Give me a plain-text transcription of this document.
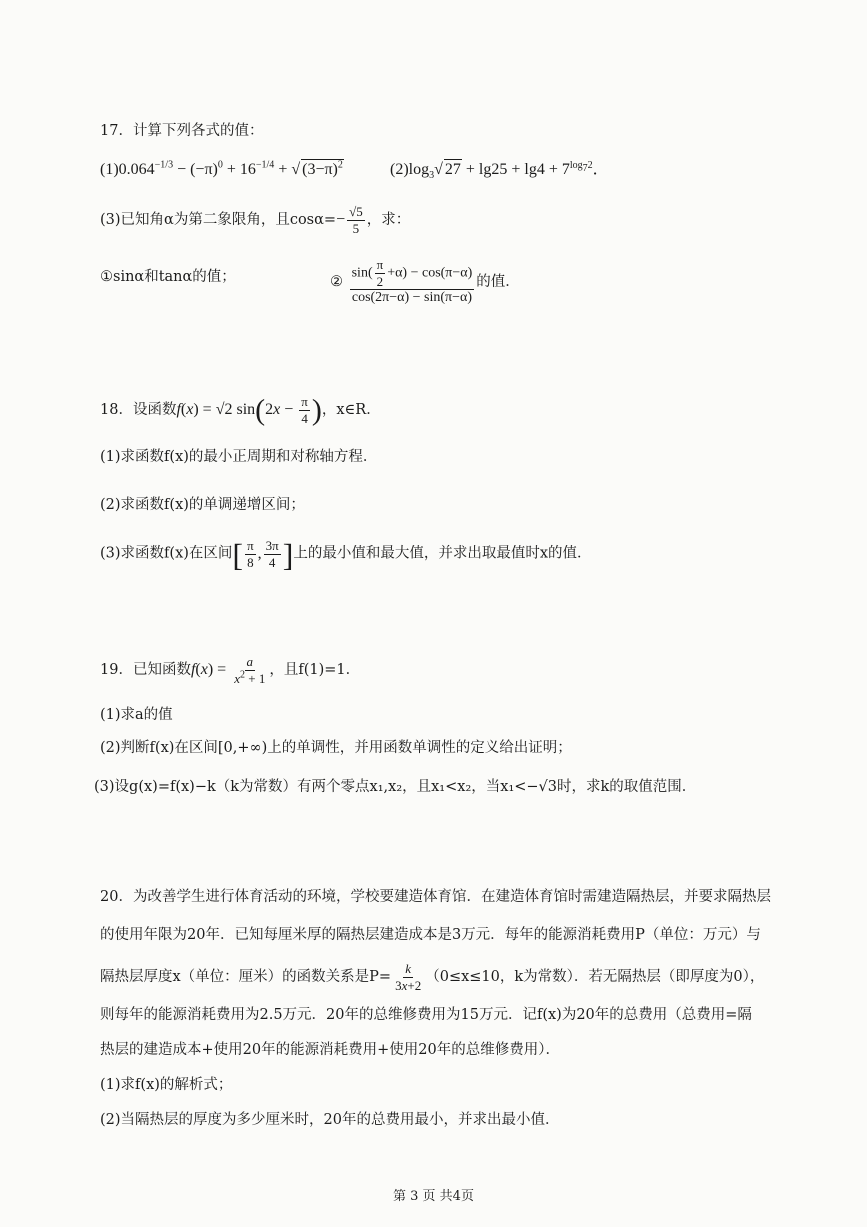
17．计算下列各式的值：
$(1)0.064^{-1/3} - (-\pi)^0 + 16^{-1/4}$ + √ $(3-\pi)^2$	$(2)\log_3√$ $27 + \lg 25 + \lg 4 + 7^{log_72}$．
(3)已知角α为第二象限角，且$\cos\alpha=- \frac{√5}{5}$ ，求：
①sinα和tanα的值；	② $\frac{\sin( \frac{\pi}{2} +\alpha) - \cos(\pi-\alpha)}{\cos(2\pi-\alpha) - \sin(\pi-\alpha)}$ 的值．
18．设函数f(x) = √2 $\sin(2x - \frac{\pi}{4}$ )，x∈R．
(1)求函数f(x)的最小正周期和对称轴方程．
(2)求函数f(x)的单调递增区间；
(3)求函数f(x)在区间[ $\frac{\pi}{8}$ , $\frac{3\pi}{4}$ ]上的最小值和最大值，并求出取最值时x的值．
19．已知函数$f(x) = \frac{a}{x^2 + 1}$ ，且f(1)=1．
(1)求a的值
(2)判断f(x)在区间[0,+∞)上的单调性，并用函数单调性的定义给出证明；
(3)设g(x)=f(x)−k（k为常数）有两个零点x₁,x₂，且x₁<x₂，当x₁<−√3时，求k的取值范围．
20．为改善学生进行体育活动的环境，学校要建造体育馆．在建造体育馆时需建造隔热层，并要求隔热层
的使用年限为20年．已知每厘米厚的隔热层建造成本是3万元．每年的能源消耗费用P（单位：万元）与
隔热层厚度x（单位：厘米）的函数关系是$P= \frac{k}{3x+2} (0\le x\le 10$，k为常数）．若无隔热层（即厚度为0），
则每年的能源消耗费用为2.5万元．20年的总维修费用为15万元．记f(x)为20年的总费用（总费用=隔
热层的建造成本+使用20年的能源消耗费用+使用20年的总维修费用）．
(1)求f(x)的解析式；
(2)当隔热层的厚度为多少厘米时，20年的总费用最小，并求出最小值．
第 3 页 共4页
